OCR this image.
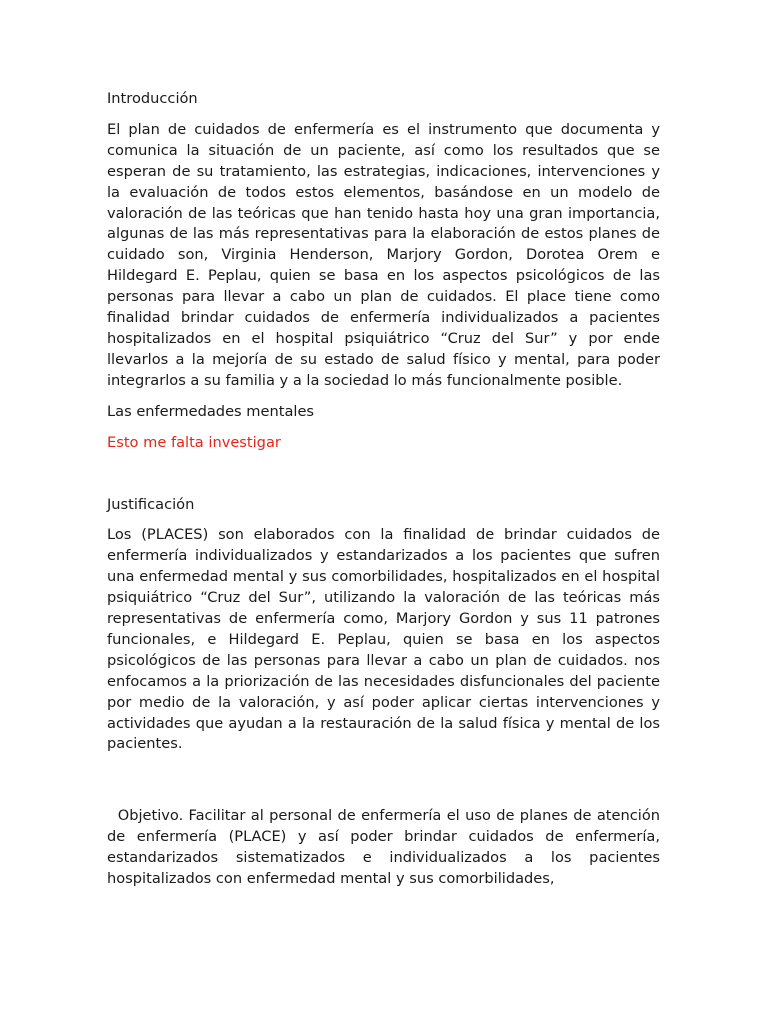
Introducción

El plan de cuidados de enfermería es el instrumento que documenta y comunica la situación de un paciente, así como los resultados que se esperan de su tratamiento, las estrategias, indicaciones, intervenciones y la evaluación de todos estos elementos, basándose en un modelo de valoración de las teóricas que han tenido hasta hoy una gran importancia, algunas de las más representativas para la elaboración de estos planes de cuidado son, Virginia Henderson, Marjory Gordon, Dorotea Orem e Hildegard E. Peplau, quien se basa en los aspectos psicológicos de las personas para llevar a cabo un plan de cuidados. El place tiene como finalidad brindar cuidados de enfermería individualizados a pacientes hospitalizados en el hospital psiquiátrico “Cruz del Sur” y por ende llevarlos a la mejoría de su estado de salud físico y mental, para poder integrarlos a su familia y a la sociedad lo más funcionalmente posible.

Las enfermedades mentales

Esto me falta investigar

Justificación

Los (PLACES) son elaborados con la finalidad de brindar cuidados de enfermería individualizados y estandarizados a los pacientes que sufren una enfermedad mental y sus comorbilidades, hospitalizados en el hospital psiquiátrico “Cruz del Sur”, utilizando la valoración de las teóricas más representativas de enfermería como, Marjory Gordon y sus 11 patrones funcionales, e Hildegard E. Peplau, quien se basa en los aspectos psicológicos de las personas para llevar a cabo un plan de cuidados. nos enfocamos a la priorización de las necesidades disfuncionales del paciente por medio de la valoración, y así poder aplicar ciertas intervenciones y actividades que ayudan a la restauración de la salud física y mental de los pacientes.

Objetivo. Facilitar al personal de enfermería el uso de planes de atención de enfermería (PLACE) y así poder brindar cuidados de enfermería, estandarizados sistematizados e individualizados a los pacientes hospitalizados con enfermedad mental y sus comorbilidades,
